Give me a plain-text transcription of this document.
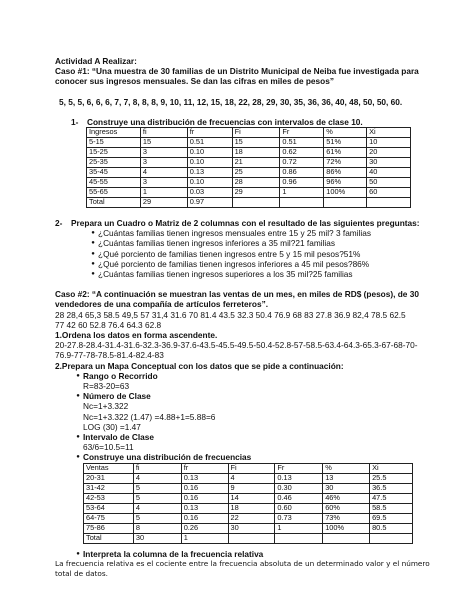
Actividad A Realizar:
Caso #1: “Una muestra de 30 familias de un Distrito Municipal de Neiba fue investigada para
conocer sus ingresos mensuales. Se dan las cifras en miles de pesos”
5, 5, 5, 6, 6, 6, 7, 7, 8, 8, 8, 9, 10, 11, 12, 15, 18, 22, 28, 29, 30, 35, 36, 36, 40, 48, 50, 50, 60.
1- Construye una distribución de frecuencias con intervalos de clase 10.
Ingresos	fi	fr	Fi	Fr	%	Xi
5-15	15	0.51	15	0.51	51%	10
15-25	3	0.10	18	0.62	61%	20
25-35	3	0.10	21	0.72	72%	30
35-45	4	0.13	25	0.86	86%	40
45-55	3	0.10	28	0.96	96%	50
55-65	1	0.03	29	1	100%	60
Total	29	0.97				
2- Prepara un Cuadro o Matriz de 2 columnas con el resultado de las siguientes preguntas:
● ¿Cuántas familias tienen ingresos mensuales entre 15 y 25 mil? 3 familias
● ¿Cuántas familias tienen ingresos inferiores a 35 mil?21 familias
● ¿Qué porciento de familias tienen ingresos entre 5 y 15 mil pesos?51%
● ¿Qué porciento de familias tienen ingresos inferiores a 45 mil pesos?86%
● ¿Cuántas familias tienen ingresos superiores a los 35 mil?25 familias
Caso #2: “A continuación se muestran las ventas de un mes, en miles de RD$ (pesos), de 30
vendedores de una compañía de artículos ferreteros”.
28 28,4 65,3 58.5 49,5 57 31,4 31.6 70 81.4 43.5 32.3 50.4 76.9 68 83 27.8 36.9 82,4 78.5 62.5
77 42 60 52.8 76.4 64.3 62.8
1.Ordena los datos en forma ascendente.
20-27.8-28.4-31.4-31.6-32.3-36.9-37.6-43.5-45.5-49.5-50.4-52.8-57-58.5-63.4-64.3-65.3-67-68-70-
76.9-77-78-78.5-81.4-82.4-83
2.Prepara un Mapa Conceptual con los datos que se pide a continuación:
● Rango o Recorrido
R=83-20=63
● Número de Clase
Nc=1+3.322
Nc=1+3.322 (1.47) =4.88+1=5.88=6
LOG (30) =1.47
● Intervalo de Clase
63/6=10.5=11
● Construye una distribución de frecuencias
Ventas	fi	fr	Fi	Fr	%	Xi
20-31	4	0.13	4	0.13	13	25.5
31-42	5	0.16	9	0.30	30	36.5
42-53	5	0.16	14	0.46	46%	47.5
53-64	4	0.13	18	0.60	60%	58.5
64-75	5	0.16	22	0.73	73%	69.5
75-86	8	0.26	30	1	100%	80.5
Total	30	1				
● Interpreta la columna de la frecuencia relativa
La frecuencia relativa es el cociente entre la frecuencia absoluta de un determinado valor y el número
total de datos.
